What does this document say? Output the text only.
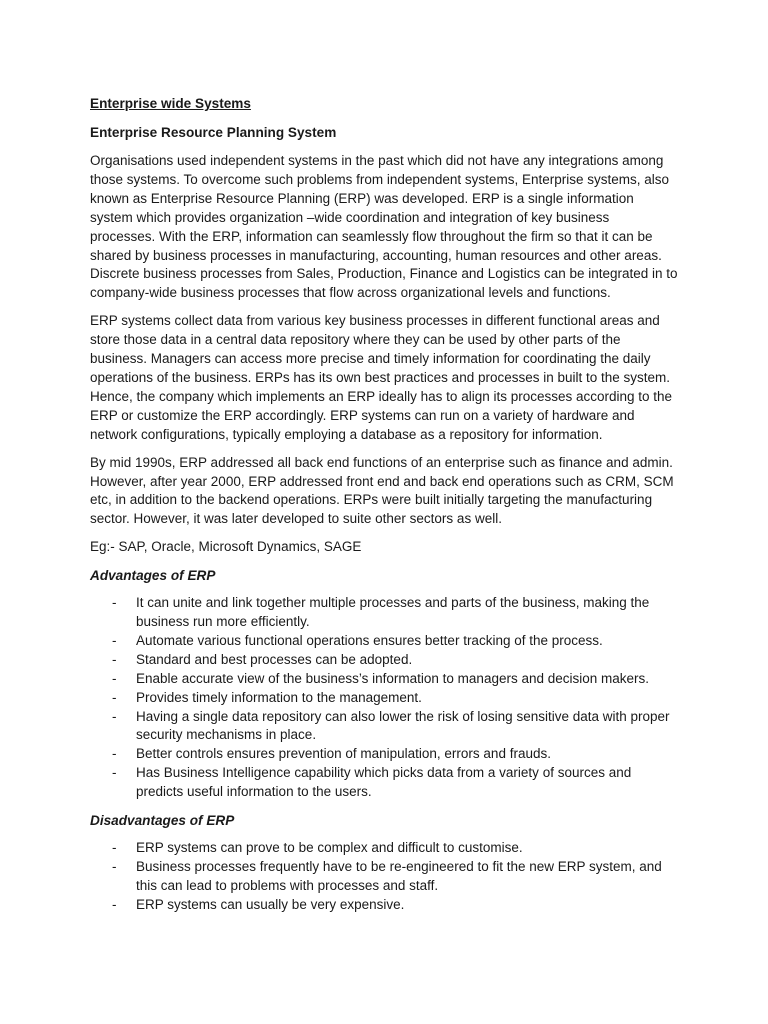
Enterprise wide Systems
Enterprise Resource Planning System

Organisations used independent systems in the past which did not have any integrations among those systems. To overcome such problems from independent systems, Enterprise systems, also known as Enterprise Resource Planning (ERP) was developed. ERP is a single information system which provides organization –wide coordination and integration of key business processes. With the ERP, information can seamlessly flow throughout the firm so that it can be shared by business processes in manufacturing, accounting, human resources and other areas. Discrete business processes from Sales, Production, Finance and Logistics can be integrated in to company-wide business processes that flow across organizational levels and functions.

ERP systems collect data from various key business processes in different functional areas and store those data in a central data repository where they can be used by other parts of the business. Managers can access more precise and timely information for coordinating the daily operations of the business. ERPs has its own best practices and processes in built to the system. Hence, the company which implements an ERP ideally has to align its processes according to the ERP or customize the ERP accordingly. ERP systems can run on a variety of hardware and network configurations, typically employing a database as a repository for information.

By mid 1990s, ERP addressed all back end functions of an enterprise such as finance and admin. However, after year 2000, ERP addressed front end and back end operations such as CRM, SCM etc, in addition to the backend operations. ERPs were built initially targeting the manufacturing sector. However, it was later developed to suite other sectors as well.

Eg:- SAP, Oracle, Microsoft Dynamics, SAGE

Advantages of ERP
- It can unite and link together multiple processes and parts of the business, making the business run more efficiently.
- Automate various functional operations ensures better tracking of the process.
- Standard and best processes can be adopted.
- Enable accurate view of the business’s information to managers and decision makers.
- Provides timely information to the management.
- Having a single data repository can also lower the risk of losing sensitive data with proper security mechanisms in place.
- Better controls ensures prevention of manipulation, errors and frauds.
- Has Business Intelligence capability which picks data from a variety of sources and predicts useful information to the users.
Disadvantages of ERP
- ERP systems can prove to be complex and difficult to customise.
- Business processes frequently have to be re-engineered to fit the new ERP system, and this can lead to problems with processes and staff.
- ERP systems can usually be very expensive.
